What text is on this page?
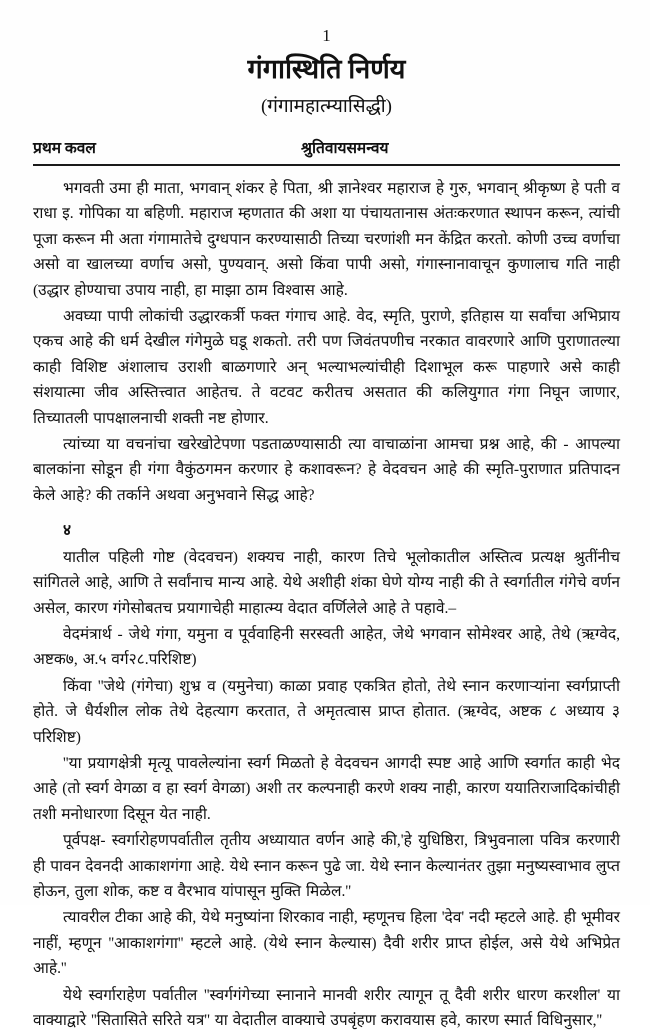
1
गंगास्थिति निर्णय
(गंगामहात्म्यासिद्धी)
प्रथम कवल	श्रुतिवायसमन्वय

भगवती उमा ही माता, भगवान् शंकर हे पिता, श्री ज्ञानेश्वर महाराज हे गुरु, भगवान् श्रीकृष्ण हे पती व राधा इ. गोपिका या बहिणी. महाराज म्हणतात की अशा या पंचायतानास अंतःकरणात स्थापन करून, त्यांची पूजा करून मी अता गंगामातेचे दुग्धपान करण्यासाठी तिच्या चरणांशी मन केंद्रित करतो. कोणी उच्च वर्णाचा असो वा खालच्या वर्णाच असो, पुण्यवान्. असो किंवा पापी असो, गंगास्नानावाचून कुणालाच गति नाही (उद्धार होण्याचा उपाय नाही, हा माझा ठाम विश्वास आहे.

अवघ्या पापी लोकांची उद्धारकर्त्री फक्त गंगाच आहे. वेद, स्मृति, पुराणे, इतिहास या सर्वांचा अभिप्राय एकच आहे की धर्म देखील गंगेमुळे घडू शकतो. तरी पण जिवंतपणीच नरकात वावरणारे आणि पुराणातल्या काही विशिष्ट अंशालाच उराशी बाळगणारे अन् भल्याभल्यांचीही दिशाभूल करू पाहणारे असे काही संशयात्मा जीव अस्तित्त्वात आहेतच. ते वटवट करीतच असतात की कलियुगात गंगा निघून जाणार, तिच्यातली पापक्षालनाची शक्ती नष्ट होणार.

त्यांच्या या वचनांचा खरेखोटेपणा पडताळण्यासाठी त्या वाचाळांना आमचा प्रश्न आहे, की - आपल्या बालकांना सोडून ही गंगा वैकुंठगमन करणार हे कशावरून? हे वेदवचन आहे की स्मृति-पुराणात प्रतिपादन केले आहे? की तर्काने अथवा अनुभवाने सिद्ध आहे?

४

यातील पहिली गोष्ट (वेदवचन) शक्यच नाही, कारण तिचे भूलोकातील अस्तित्व प्रत्यक्ष श्रुतींनीच सांगितले आहे, आणि ते सर्वांनाच मान्य आहे. येथे अशीही शंका घेणे योग्य नाही की ते स्वर्गातील गंगेचे वर्णन असेल, कारण गंगेसोबतच प्रयागाचेही माहात्म्य वेदात वर्णिलेले आहे ते पहावे.–

वेदमंत्रार्थ - जेथे गंगा, यमुना व पूर्ववाहिनी सरस्वती आहेत, जेथे भगवान सोमेश्वर आहे, तेथे (ऋग्वेद, अष्टक७, अ.५ वर्ग२८.परिशिष्ट)

किंवा ''जेथे (गंगेचा) शुभ्र व (यमुनेचा) काळा प्रवाह एकत्रित होतो, तेथे स्नान करणाऱ्यांना स्वर्गप्राप्ती होते. जे धैर्यशील लोक तेथे देहत्याग करतात, ते अमृतत्वास प्राप्त होतात. (ऋग्वेद, अष्टक ८ अध्याय ३ परिशिष्ट)

''या प्रयागक्षेत्री मृत्यू पावलेल्यांना स्वर्ग मिळतो हे वेदवचन आगदी स्पष्ट आहे आणि स्वर्गात काही भेद आहे (तो स्वर्ग वेगळा व हा स्वर्ग वेगळा) अशी तर कल्पनाही करणे शक्य नाही, कारण ययातिराजादिकांचीही तशी मनोधारणा दिसून येत नाही.

पूर्वपक्ष- स्वर्गारोहणपर्वातील तृतीय अध्यायात वर्णन आहे की,'हे युधिष्ठिरा, त्रिभुवनाला पवित्र करणारी ही पावन देवनदी आकाशगंगा आहे. येथे स्नान करून पुढे जा. येथे स्नान केल्यानंतर तुझा मनुष्यस्वाभाव लुप्त होऊन, तुला शोक, कष्ट व वैरभाव यांपासून मुक्ति मिळेल.''

त्यावरील टीका आहे की, येथे मनुष्यांना शिरकाव नाही, म्हणूनच हिला 'देव' नदी म्हटले आहे. ही भूमीवर नाहीं, म्हणून ''आकाशगंगा'' म्हटले आहे. (येथे स्नान केल्यास) दैवी शरीर प्राप्त होईल, असे येथे अभिप्रेत आहे.''

येथे स्वर्गाराहेण पर्वातील ''स्वर्गगंगेच्या स्नानाने मानवी शरीर त्यागून तू दैवी शरीर धारण करशील' या वाक्याद्वारे ''सितासिते सरिते यत्र'' या वेदातील वाक्याचे उपबृंहण करावयास हवे, कारण स्मार्त विधिनुसार,''
